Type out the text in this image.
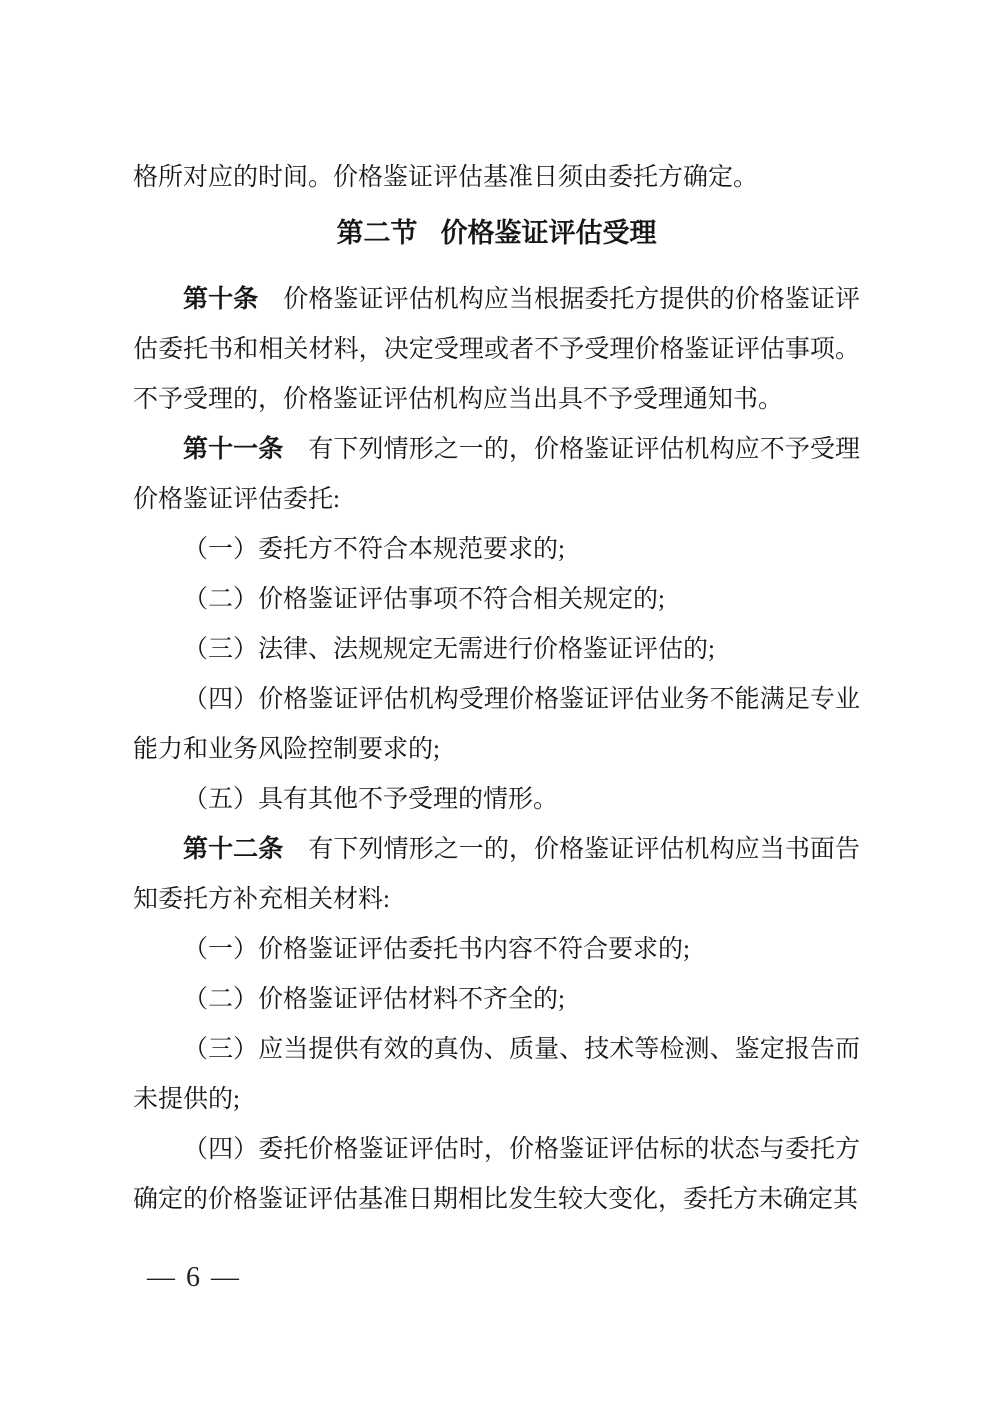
格所对应的时间。价格鉴证评估基准日须由委托方确定。

第二节 价格鉴证评估受理

第十条 价格鉴证评估机构应当根据委托方提供的价格鉴证评估委托书和相关材料，决定受理或者不予受理价格鉴证评估事项。不予受理的，价格鉴证评估机构应当出具不予受理通知书。

第十一条 有下列情形之一的，价格鉴证评估机构应不予受理价格鉴证评估委托:

（一）委托方不符合本规范要求的;

（二）价格鉴证评估事项不符合相关规定的;

（三）法律、法规规定无需进行价格鉴证评估的;

（四）价格鉴证评估机构受理价格鉴证评估业务不能满足专业能力和业务风险控制要求的;

（五）具有其他不予受理的情形。

第十二条 有下列情形之一的，价格鉴证评估机构应当书面告知委托方补充相关材料:

（一）价格鉴证评估委托书内容不符合要求的;

（二）价格鉴证评估材料不齐全的;

（三）应当提供有效的真伪、质量、技术等检测、鉴定报告而未提供的;

（四）委托价格鉴证评估时，价格鉴证评估标的状态与委托方确定的价格鉴证评估基准日期相比发生较大变化，委托方未确定其

— 6 —
